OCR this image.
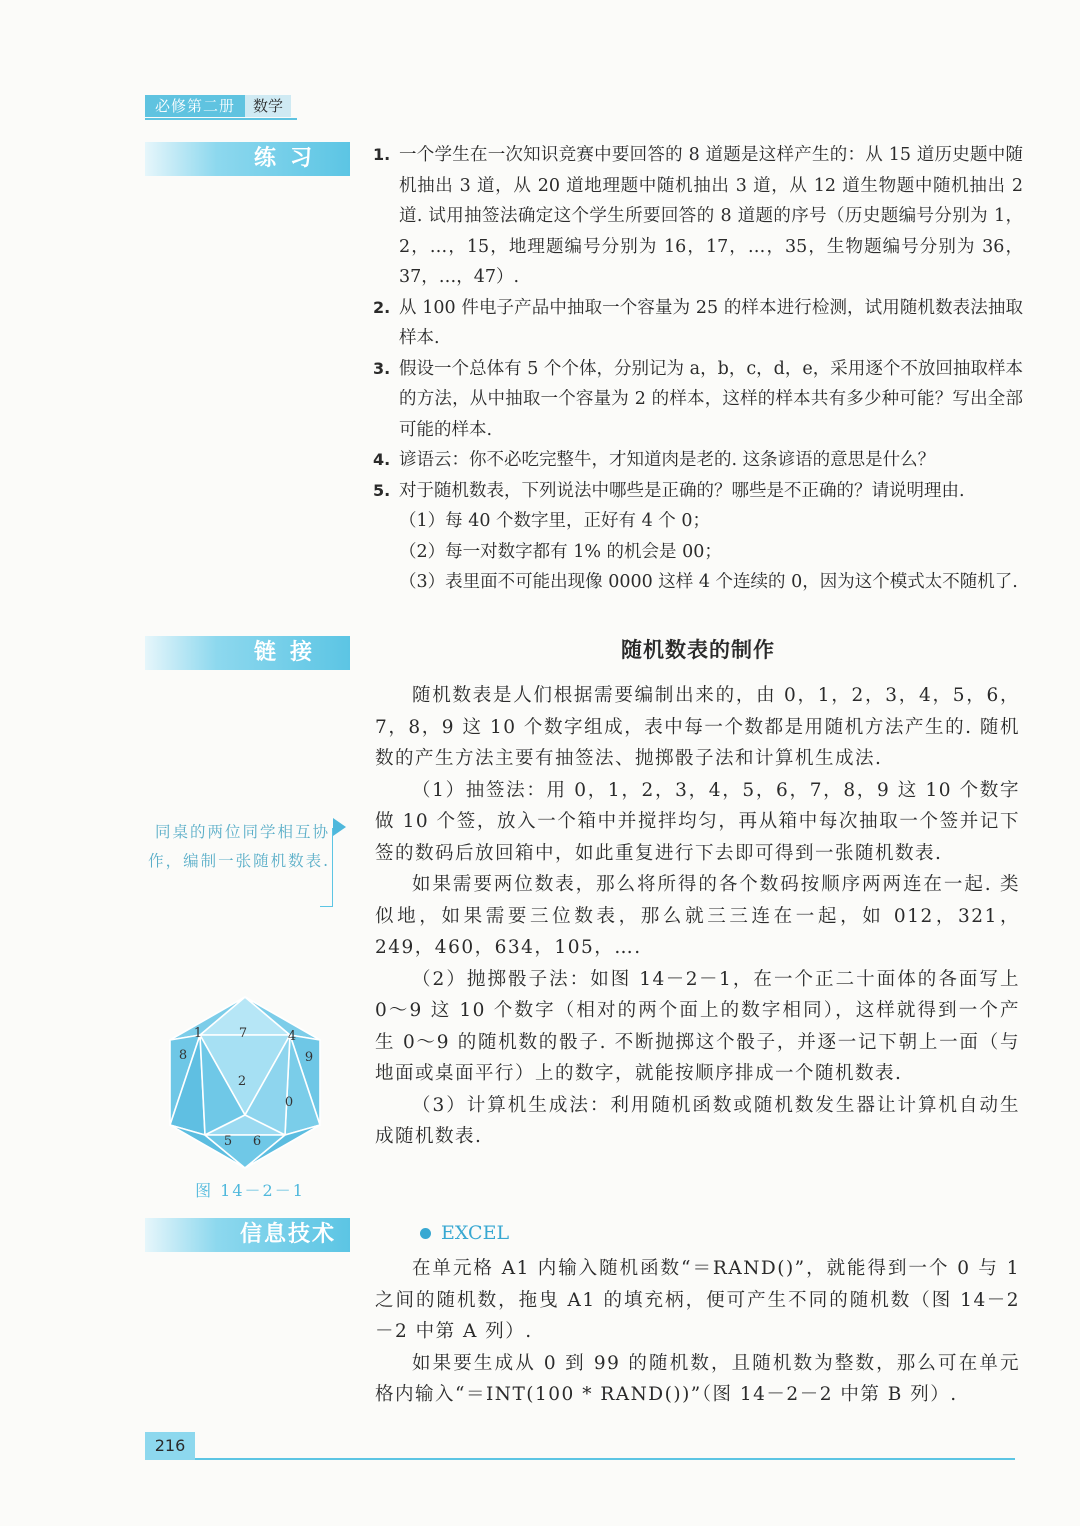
必修第二册	数学
练习
链接
信息技术
1. 一个学生在一次知识竞赛中要回答的 8 道题是这样产生的：从 15 道历史题中随机抽出 3 道，从 20 道地理题中随机抽出 3 道，从 12 道生物题中随机抽出 2 道. 试用抽签法确定这个学生所要回答的 8 道题的序号（历史题编号分别为 1，2，…，15，地理题编号分别为 16，17，…，35，生物题编号分别为 36，37，…，47）.
2. 从 100 件电子产品中抽取一个容量为 25 的样本进行检测，试用随机数表法抽取样本.
3. 假设一个总体有 5 个个体，分别记为 a，b，c，d，e，采用逐个不放回抽取样本的方法，从中抽取一个容量为 2 的样本，这样的样本共有多少种可能？写出全部可能的样本.
4. 谚语云：你不必吃完整牛，才知道肉是老的. 这条谚语的意思是什么？
5. 对于随机数表，下列说法中哪些是正确的？哪些是不正确的？请说明理由.
（1）每 40 个数字里，正好有 4 个 0；
（2）每一对数字都有 1% 的机会是 00；
（3）表里面不可能出现像 0000 这样 4 个连续的 0，因为这个模式太不随机了.
随机数表的制作

随机数表是人们根据需要编制出来的，由 0，1，2，3，4，5，6，7，8，9 这 10 个数字组成，表中每一个数都是用随机方法产生的. 随机数的产生方法主要有抽签法、抛掷骰子法和计算机生成法.

（1）抽签法：用 0，1，2，3，4，5，6，7，8，9 这 10 个数字做 10 个签，放入一个箱中并搅拌均匀，再从箱中每次抽取一个签并记下签的数码后放回箱中，如此重复进行下去即可得到一张随机数表.

如果需要两位数表，那么将所得的各个数码按顺序两两连在一起. 类似地，如果需要三位数表，那么就三三连在一起，如 012，321，249，460，634，105，….

（2）抛掷骰子法：如图 14－2－1，在一个正二十面体的各面写上 0～9 这 10 个数字（相对的两个面上的数字相同），这样就得到一个产生 0～9 的随机数的骰子. 不断抛掷这个骰子，并逐一记下朝上一面（与地面或桌面平行）上的数字，就能按顺序排成一个随机数表.

（3）计算机生成法：利用随机函数或随机数发生器让计算机自动生成随机数表.

同桌的两位同学相互协作，编制一张随机数表.
1	7	4
8	9
2
0
5 6
图 14－2－1
EXCEL

在单元格 A1 内输入随机函数“＝RAND()”，就能得到一个 0 与 1 之间的随机数，拖曳 A1 的填充柄，便可产生不同的随机数（图 14－2－2 中第 A 列）.

如果要生成从 0 到 99 的随机数，且随机数为整数，那么可在单元格内输入“＝INT(100 * RAND())”（图 14－2－2 中第 B 列）.

216
